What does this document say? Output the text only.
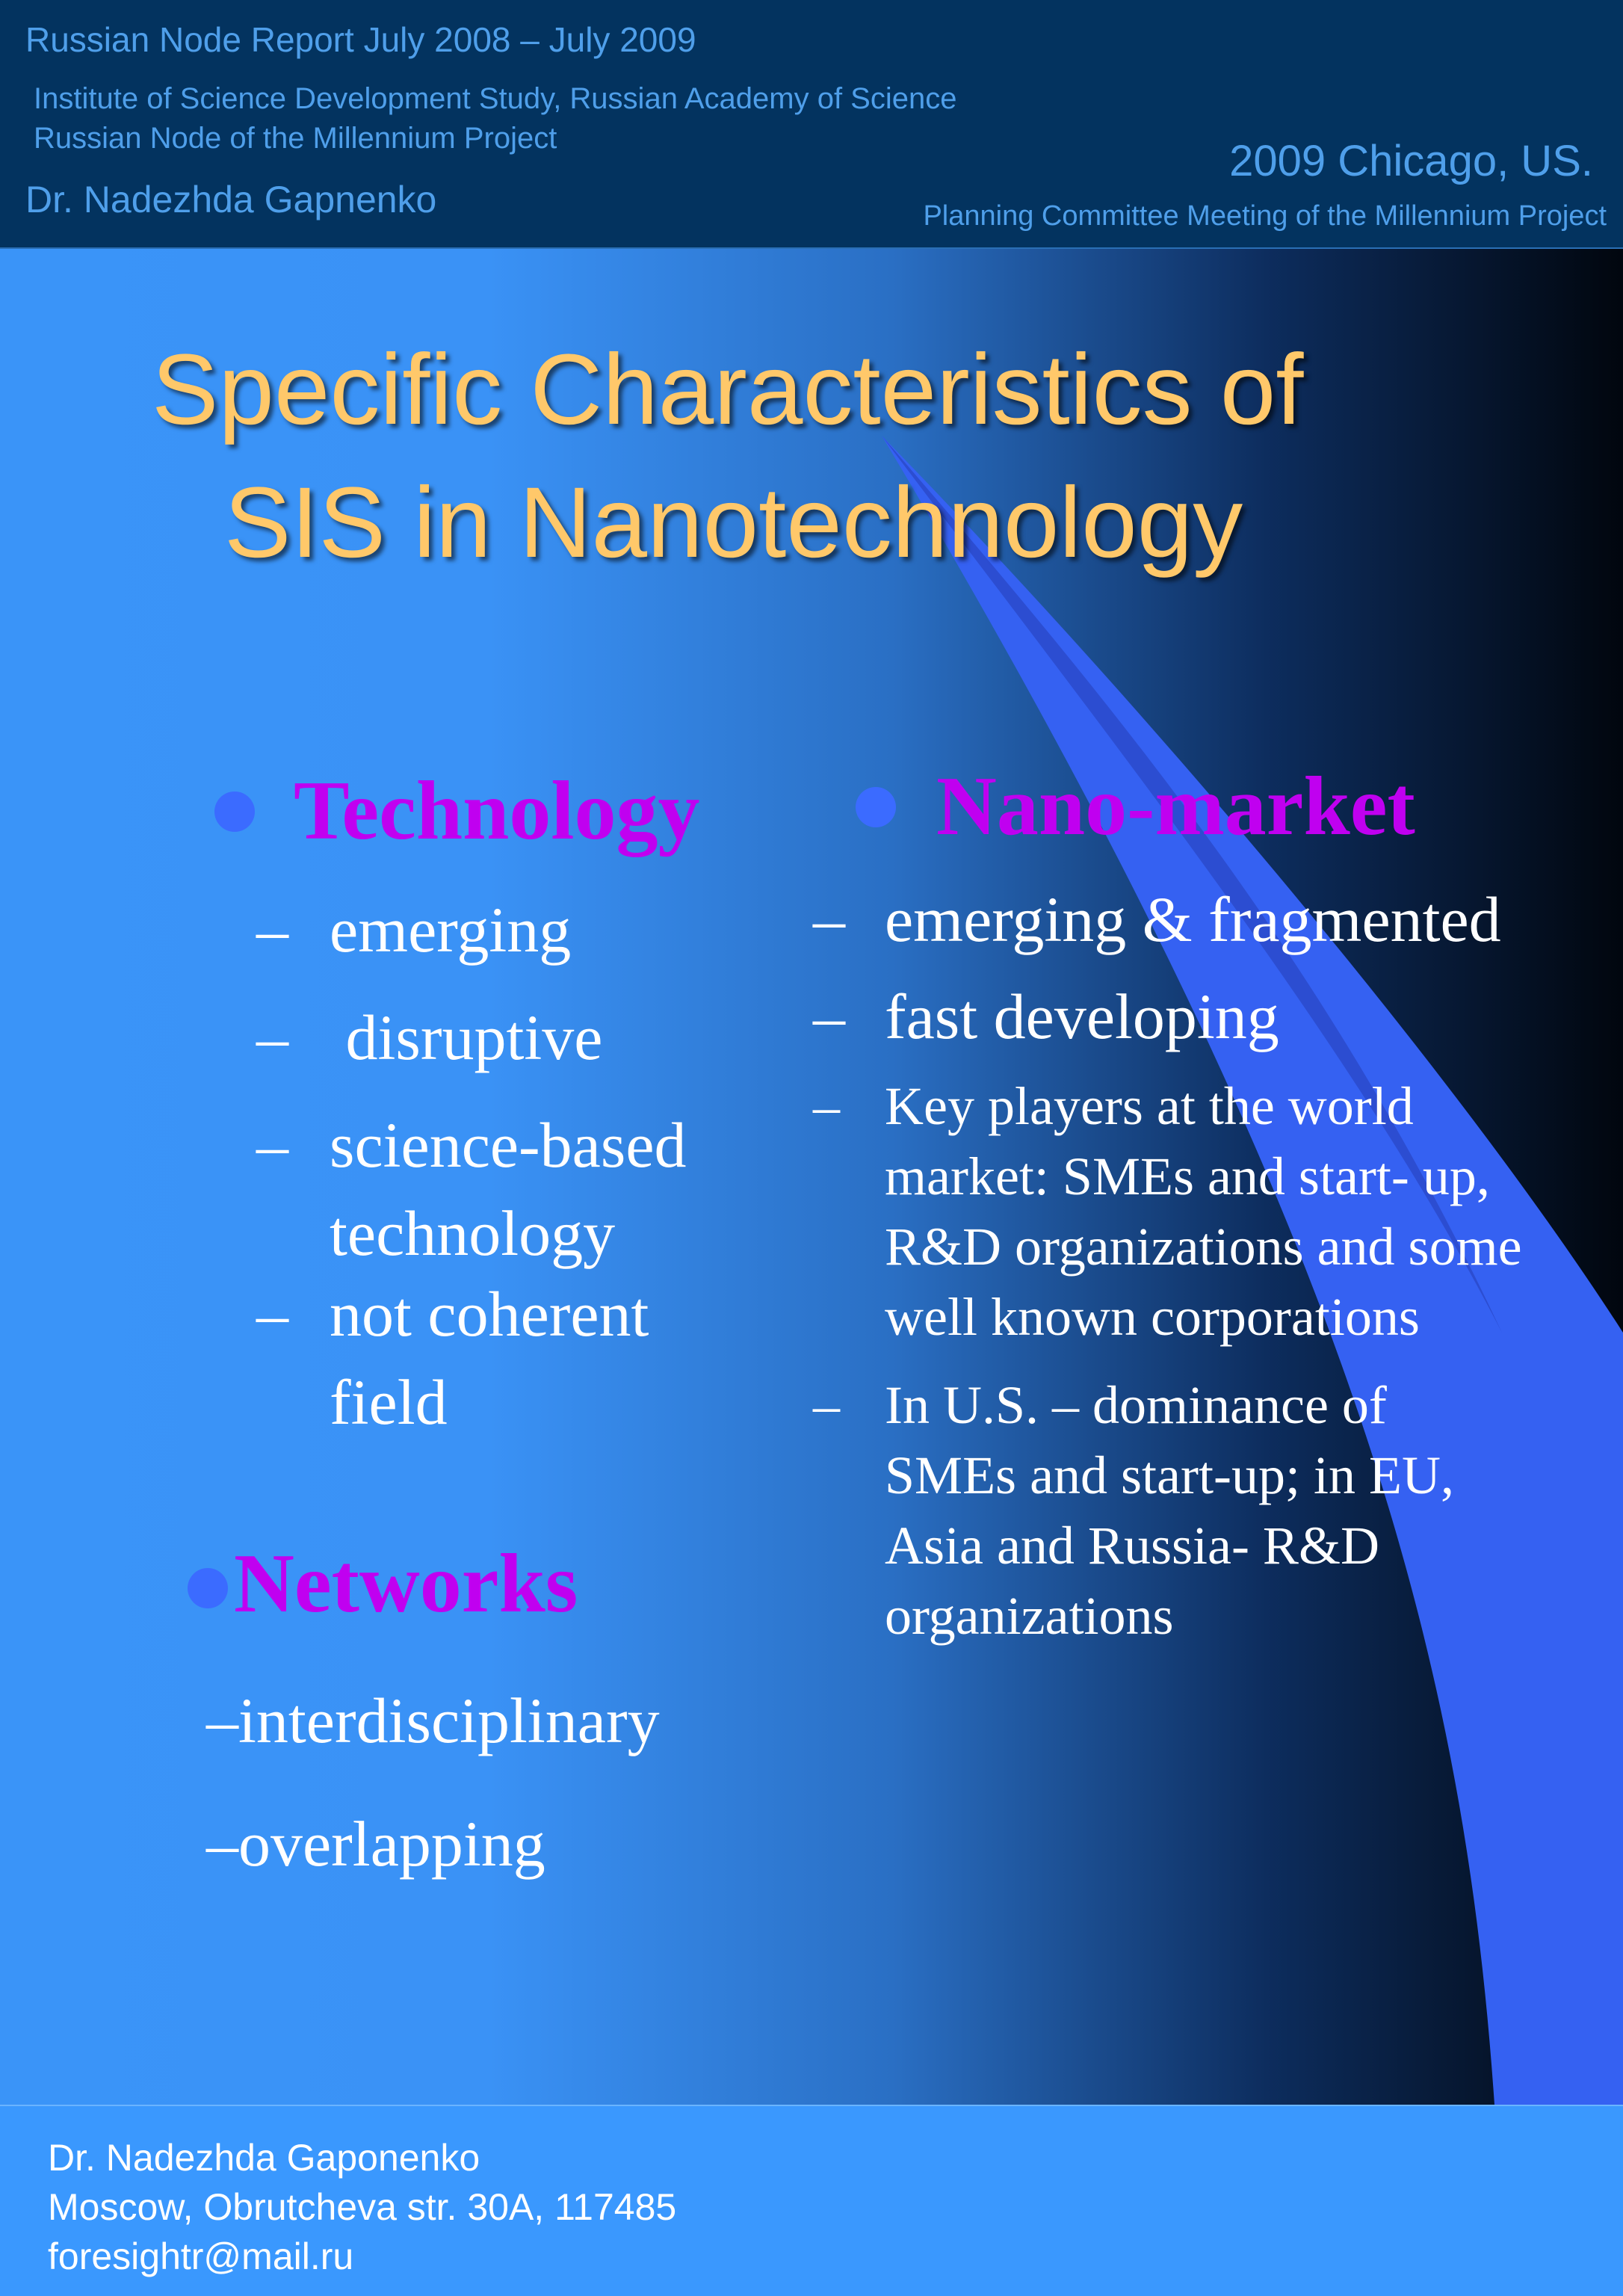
Russian Node Report July 2008 – July 2009
Institute of Science Development Study, Russian Academy of Science
Russian Node of the Millennium Project
Dr. Nadezhda Gapnenko
2009 Chicago, US.
Planning Committee Meeting of the Millennium Project
Specific Characteristics of
SIS in Nanotechnology
Technology
– emerging
– disruptive
– science-based
technology
– not coherent
field
Networks
–interdisciplinary
–overlapping
Nano-market
– emerging & fragmented
– fast developing
– Key players at the world
market: SMEs and start- up,
R&D organizations and some
well known corporations
– In U.S. – dominance of
SMEs and start-up; in EU,
Asia and Russia- R&D
organizations
Dr. Nadezhda Gaponenko
Moscow, Obrutcheva str. 30A, 117485
foresightr@mail.ru
